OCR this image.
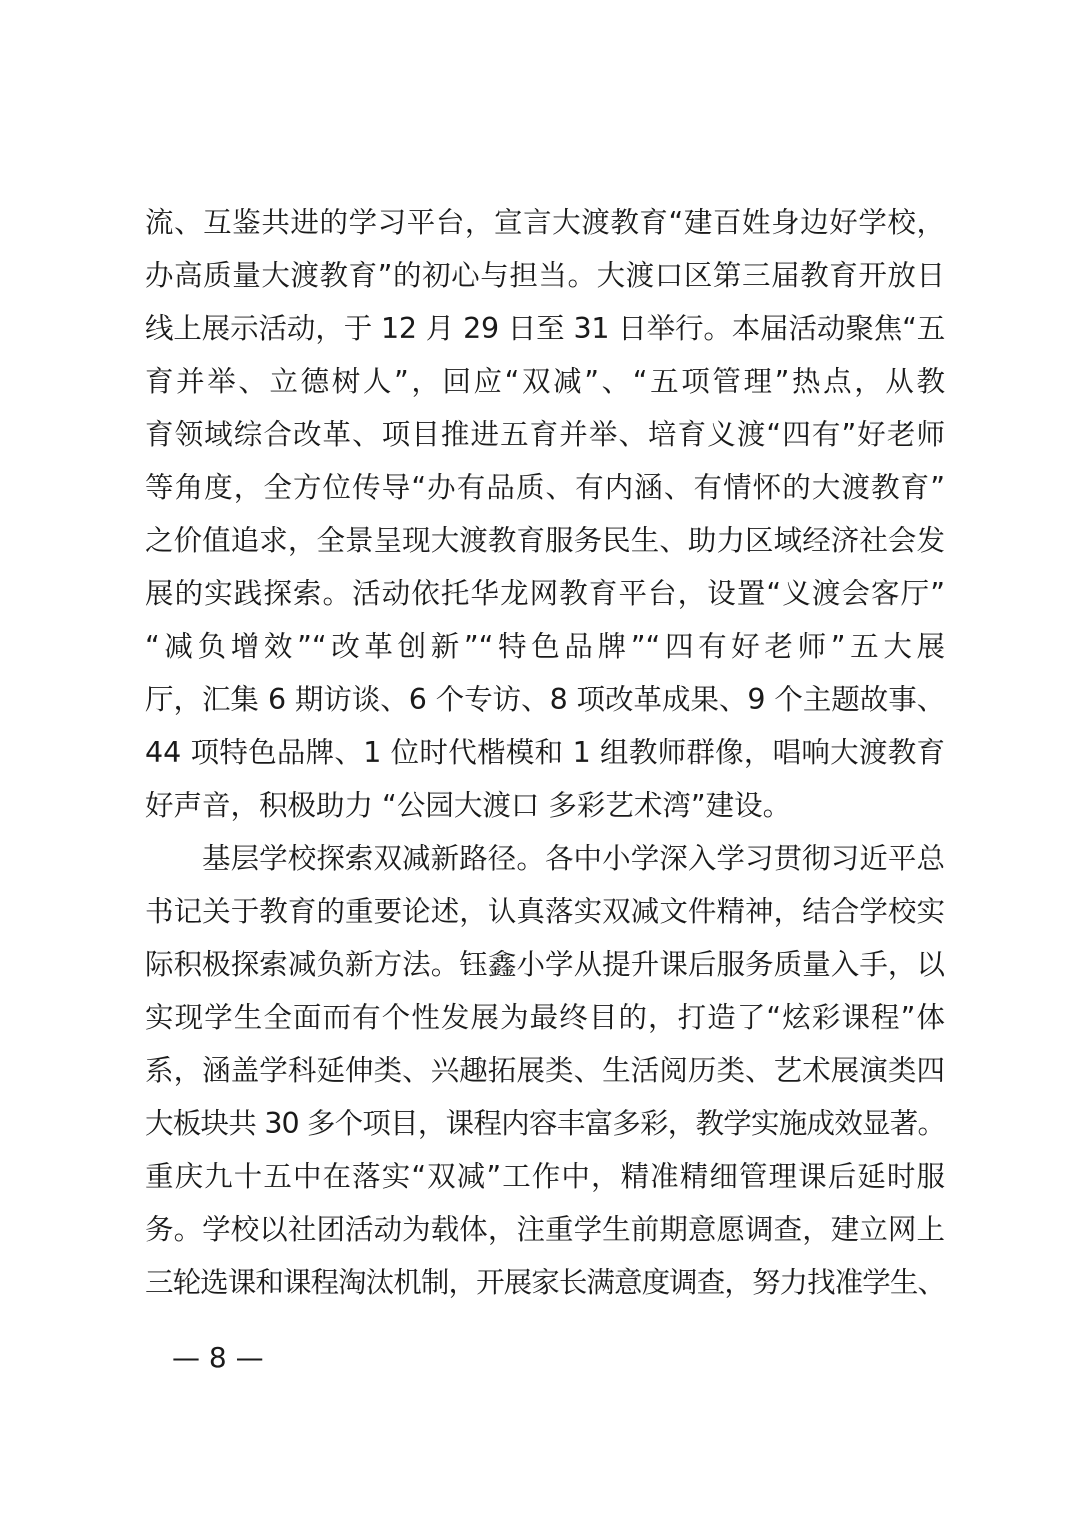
流、互鉴共进的学习平台，宣言大渡教育“建百姓身边好学校，
办高质量大渡教育”的初心与担当。大渡口区第三届教育开放日
线上展示活动，于 12 月 29 日至 31 日举行。本届活动聚焦“五
育并举、立德树人”，回应“双减”、“五项管理”热点，从教
育领域综合改革、项目推进五育并举、培育义渡“四有”好老师
等角度，全方位传导“办有品质、有内涵、有情怀的大渡教育”
之价值追求，全景呈现大渡教育服务民生、助力区域经济社会发
展的实践探索。活动依托华龙网教育平台，设置“义渡会客厅”
“减负增效”“改革创新”“特色品牌”“四有好老师”五大展
厅，汇集 6 期访谈、6 个专访、8 项改革成果、9 个主题故事、
44 项特色品牌、1 位时代楷模和 1 组教师群像，唱响大渡教育
好声音，积极助力 “公园大渡口 多彩艺术湾”建设。
基层学校探索双减新路径。各中小学深入学习贯彻习近平总
书记关于教育的重要论述，认真落实双减文件精神，结合学校实
际积极探索减负新方法。钰鑫小学从提升课后服务质量入手，以
实现学生全面而有个性发展为最终目的，打造了“炫彩课程”体
系，涵盖学科延伸类、兴趣拓展类、生活阅历类、艺术展演类四
大板块共 30 多个项目，课程内容丰富多彩，教学实施成效显著。
重庆九十五中在落实“双减”工作中，精准精细管理课后延时服
务。学校以社团活动为载体，注重学生前期意愿调查，建立网上
三轮选课和课程淘汰机制，开展家长满意度调查，努力找准学生、
— 8 —
